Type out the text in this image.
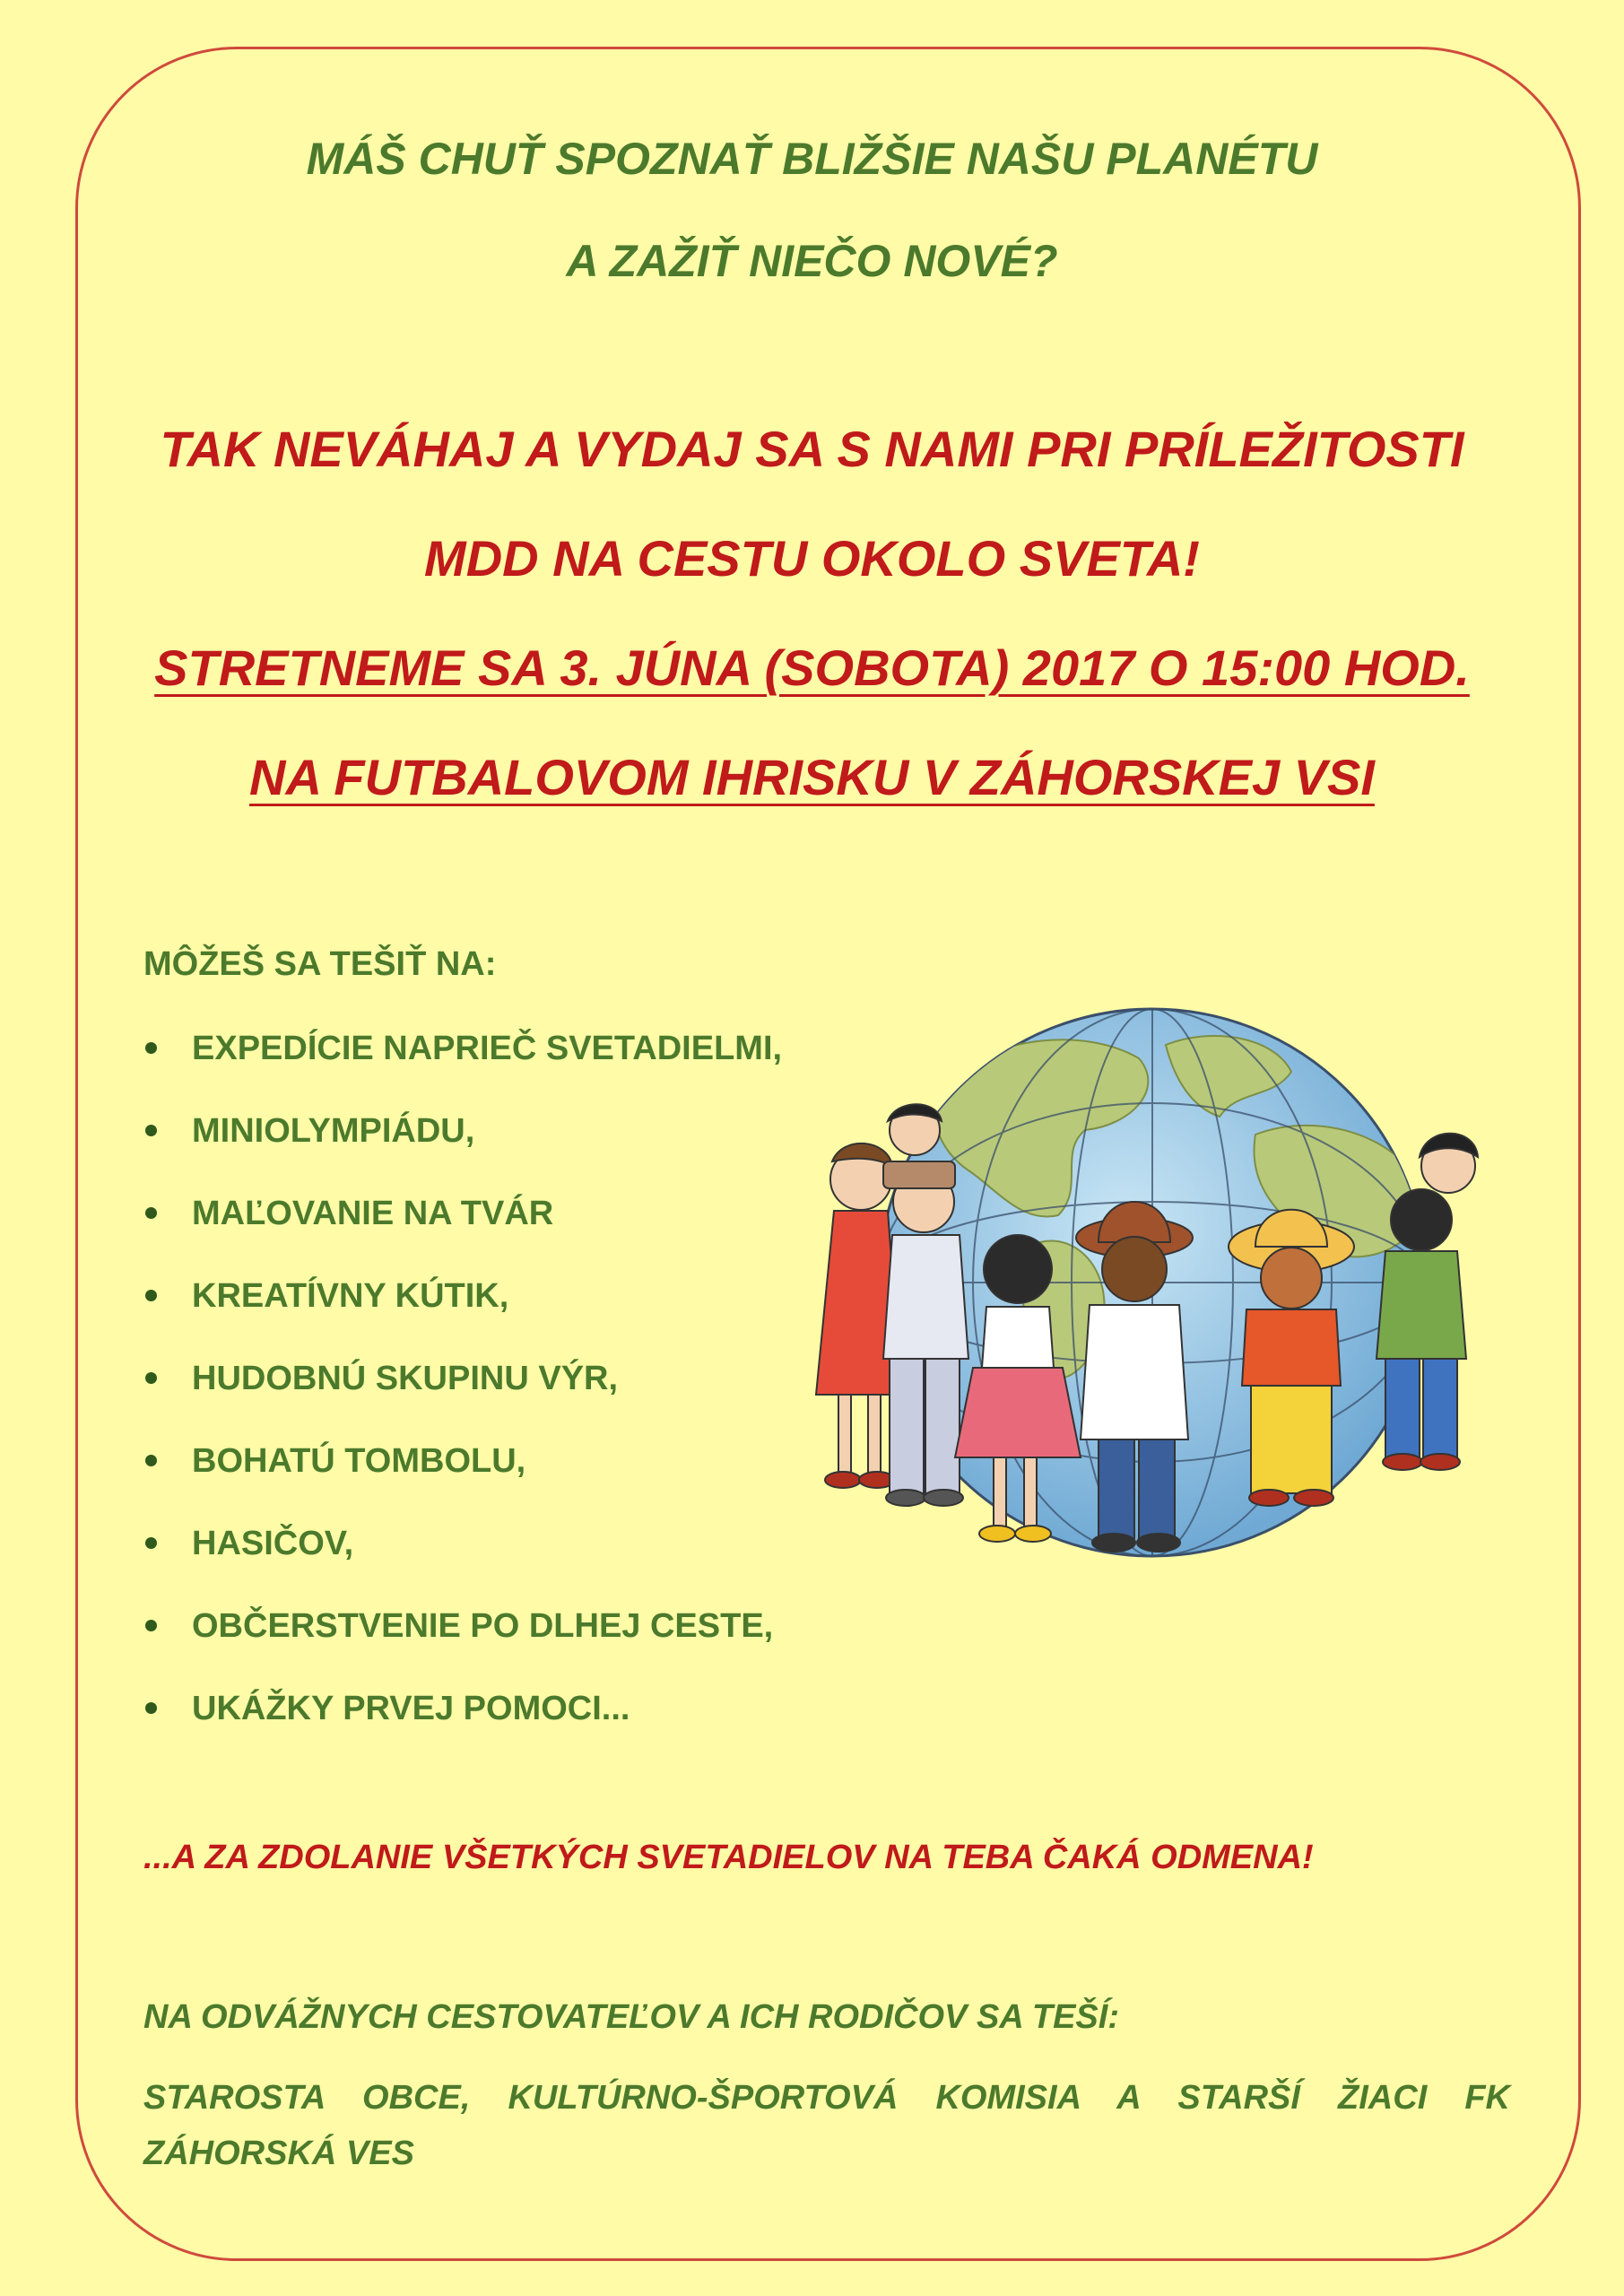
MÁŠ CHUŤ SPOZNAŤ BLIŽŠIE NAŠU PLANÉTU
A ZAŽIŤ NIEČO NOVÉ?
TAK NEVÁHAJ A VYDAJ SA S NAMI PRI PRÍLEŽITOSTI
MDD NA CESTU OKOLO SVETA!
STRETNEME SA 3. JÚNA (SOBOTA) 2017 O 15:00 HOD.
NA FUTBALOVOM IHRISKU V ZÁHORSKEJ VSI
MÔŽEŠ SA TEŠIŤ NA:
EXPEDÍCIE NAPRIEČ SVETADIELMI,
MINIOLYMPIÁDU,
MAĽOVANIE NA TVÁR
KREATÍVNY KÚTIK,
HUDOBNÚ SKUPINU VÝR,
BOHATÚ TOMBOLU,
HASIČOV,
OBČERSTVENIE PO DLHEJ CESTE,
UKÁŽKY PRVEJ POMOCI...
...A ZA ZDOLANIE VŠETKÝCH SVETADIELOV NA TEBA ČAKÁ ODMENA!
NA ODVÁŽNYCH CESTOVATEĽOV A ICH RODIČOV SA TEŠÍ:
STAROSTA OBCE, KULTÚRNO-ŠPORTOVÁ KOMISIA A STARŠÍ ŽIACI FK
ZÁHORSKÁ VES
